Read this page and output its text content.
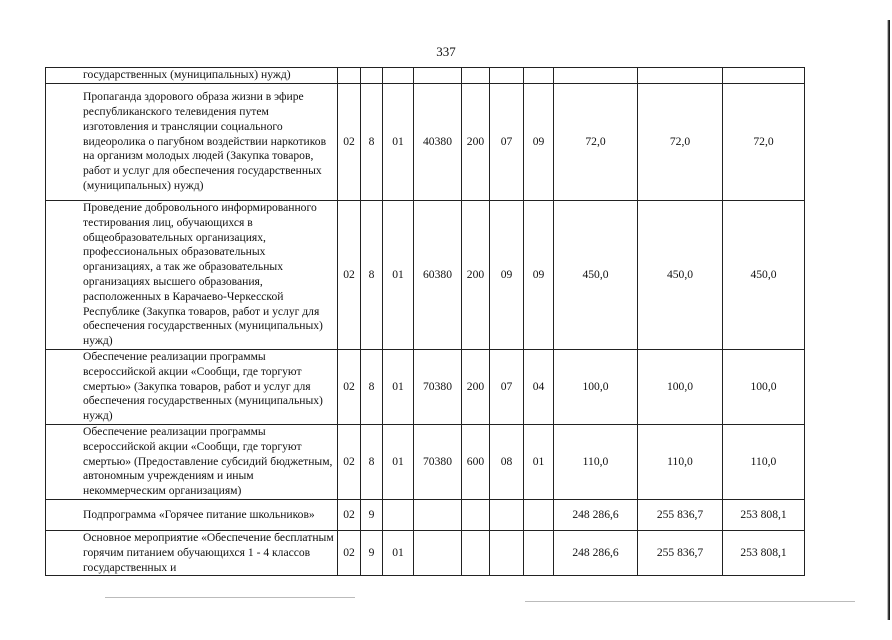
337
государственных (муниципальных) нужд)										

Пропаганда здорового образа жизни в эфире республиканского телевидения путем изготовления и трансляции социального видеоролика о пагубном воздействии наркотиков на организм молодых людей (Закупка товаров, работ и услуг для обеспечения государственных (муниципальных) нужд)	02	8	01	40380	200	07	09	72,0	72,0	72,0

Проведение добровольного информированного тестирования лиц, обучающихся в общеобразовательных организациях, профессиональных образовательных организациях, а так же образовательных организациях высшего образования, расположенных в Карачаево-Черкесской Республике (Закупка товаров, работ и услуг для обеспечения государственных (муниципальных) нужд)	02	8	01	60380	200	09	09	450,0	450,0	450,0

Обеспечение реализации программы всероссийской акции «Сообщи, где торгуют смертью» (Закупка товаров, работ и услуг для обеспечения государственных (муниципальных) нужд)	02	8	01	70380	200	07	04	100,0	100,0	100,0

Обеспечение реализации программы всероссийской акции «Сообщи, где торгуют смертью» (Предоставление субсидий бюджетным, автономным учреждениям и иным некоммерческим организациям)	02	8	01	70380	600	08	01	110,0	110,0	110,0

Подпрограмма «Горячее питание школьников»	02	9						248 286,6	255 836,7	253 808,1

Основное мероприятие «Обеспечение бесплатным горячим питанием обучающихся 1 - 4 классов государственных и	02	9	01					248 286,6	255 836,7	253 808,1
